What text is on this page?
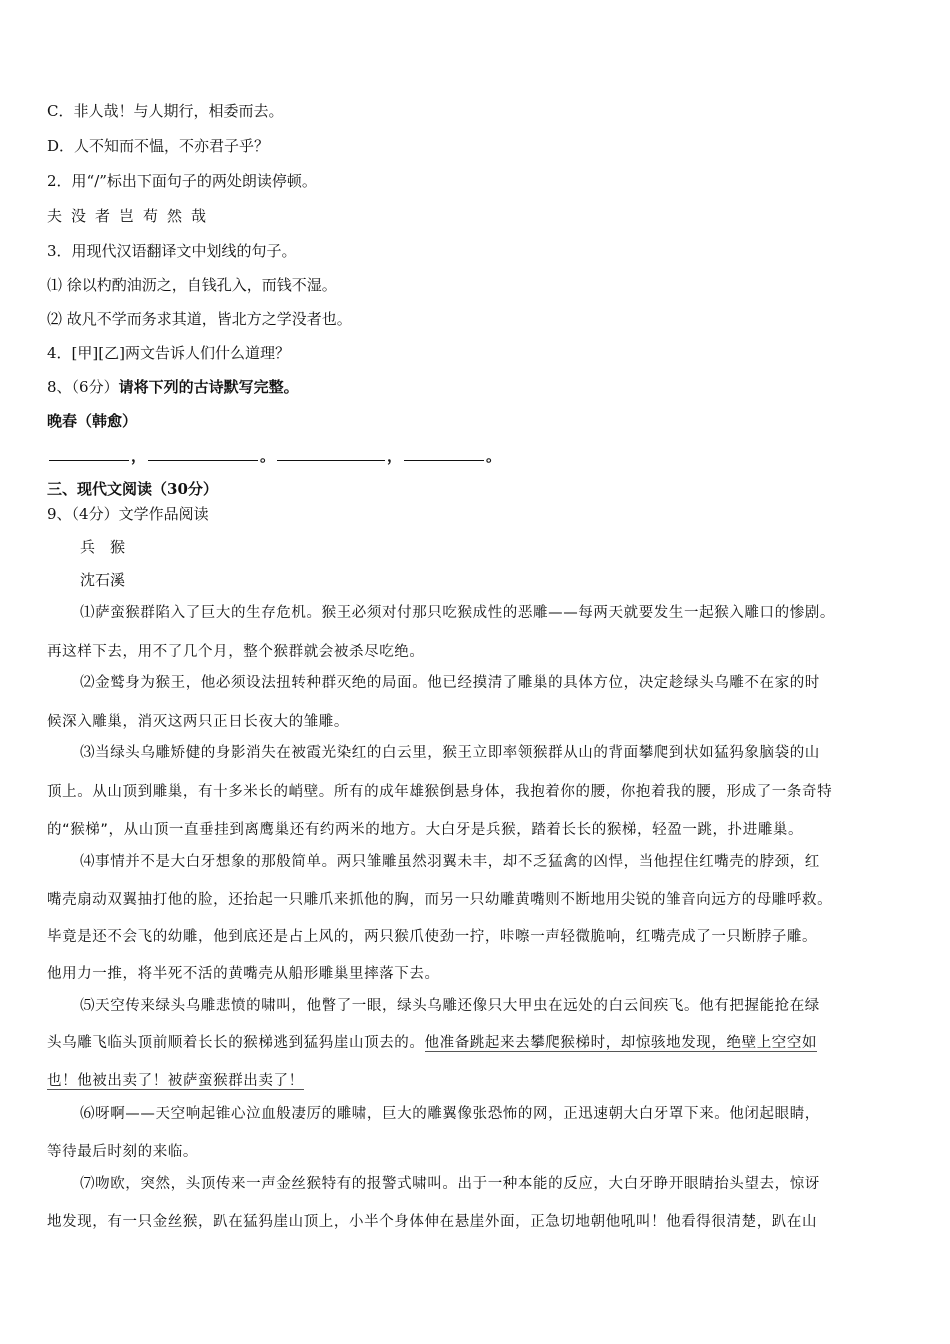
C．非人哉！与人期行，相委而去。
D．人不知而不愠，不亦君子乎？
2．用“/”标出下面句子的两处朗读停顿。
夫没者岂苟然哉
3．用现代汉语翻译文中划线的句子。
⑴ 徐以杓酌油沥之，自钱孔入，而钱不湿。
⑵ 故凡不学而务求其道，皆北方之学没者也。
4．[甲][乙]两文告诉人们什么道理？
8、（6分）请将下列的古诗默写完整。
晚春（韩愈）
，	。	，	。
三、现代文阅读（30分）
9、（4分）文学作品阅读
兵　猴
沈石溪
⑴萨蛮猴群陷入了巨大的生存危机。猴王必须对付那只吃猴成性的恶雕——每两天就要发生一起猴入雕口的惨剧。
再这样下去，用不了几个月，整个猴群就会被杀尽吃绝。
⑵金鹫身为猴王，他必须设法扭转种群灭绝的局面。他已经摸清了雕巢的具体方位，决定趁绿头乌雕不在家的时
候深入雕巢，消灭这两只正日长夜大的雏雕。
⑶当绿头乌雕矫健的身影消失在被霞光染红的白云里，猴王立即率领猴群从山的背面攀爬到状如猛犸象脑袋的山
顶上。从山顶到雕巢，有十多米长的峭壁。所有的成年雄猴倒悬身体，我抱着你的腰，你抱着我的腰，形成了一条奇特
的“猴梯”，从山顶一直垂挂到离鹰巢还有约两米的地方。大白牙是兵猴，踏着长长的猴梯，轻盈一跳，扑进雕巢。
⑷事情并不是大白牙想象的那般简单。两只雏雕虽然羽翼未丰，却不乏猛禽的凶悍，当他捏住红嘴壳的脖颈，红
嘴壳扇动双翼抽打他的脸，还抬起一只雕爪来抓他的胸，而另一只幼雕黄嘴则不断地用尖锐的雏音向远方的母雕呼救。
毕竟是还不会飞的幼雕，他到底还是占上风的，两只猴爪使劲一拧，咔嚓一声轻微脆响，红嘴壳成了一只断脖子雕。
他用力一推，将半死不活的黄嘴壳从船形雕巢里摔落下去。
⑸天空传来绿头乌雕悲愤的啸叫，他瞥了一眼，绿头乌雕还像只大甲虫在远处的白云间疾飞。他有把握能抢在绿
头乌雕飞临头顶前顺着长长的猴梯逃到猛犸崖山顶去的。他准备跳起来去攀爬猴梯时，却惊骇地发现，绝壁上空空如
也！他被出卖了！被萨蛮猴群出卖了！
⑹呀啊——天空响起锥心泣血般凄厉的雕啸，巨大的雕翼像张恐怖的网，正迅速朝大白牙罩下来。他闭起眼睛，
等待最后时刻的来临。
⑺吻欧，突然，头顶传来一声金丝猴特有的报警式啸叫。出于一种本能的反应，大白牙睁开眼睛抬头望去，惊讶
地发现，有一只金丝猴，趴在猛犸崖山顶上，小半个身体伸在悬崖外面，正急切地朝他吼叫！他看得很清楚，趴在山
